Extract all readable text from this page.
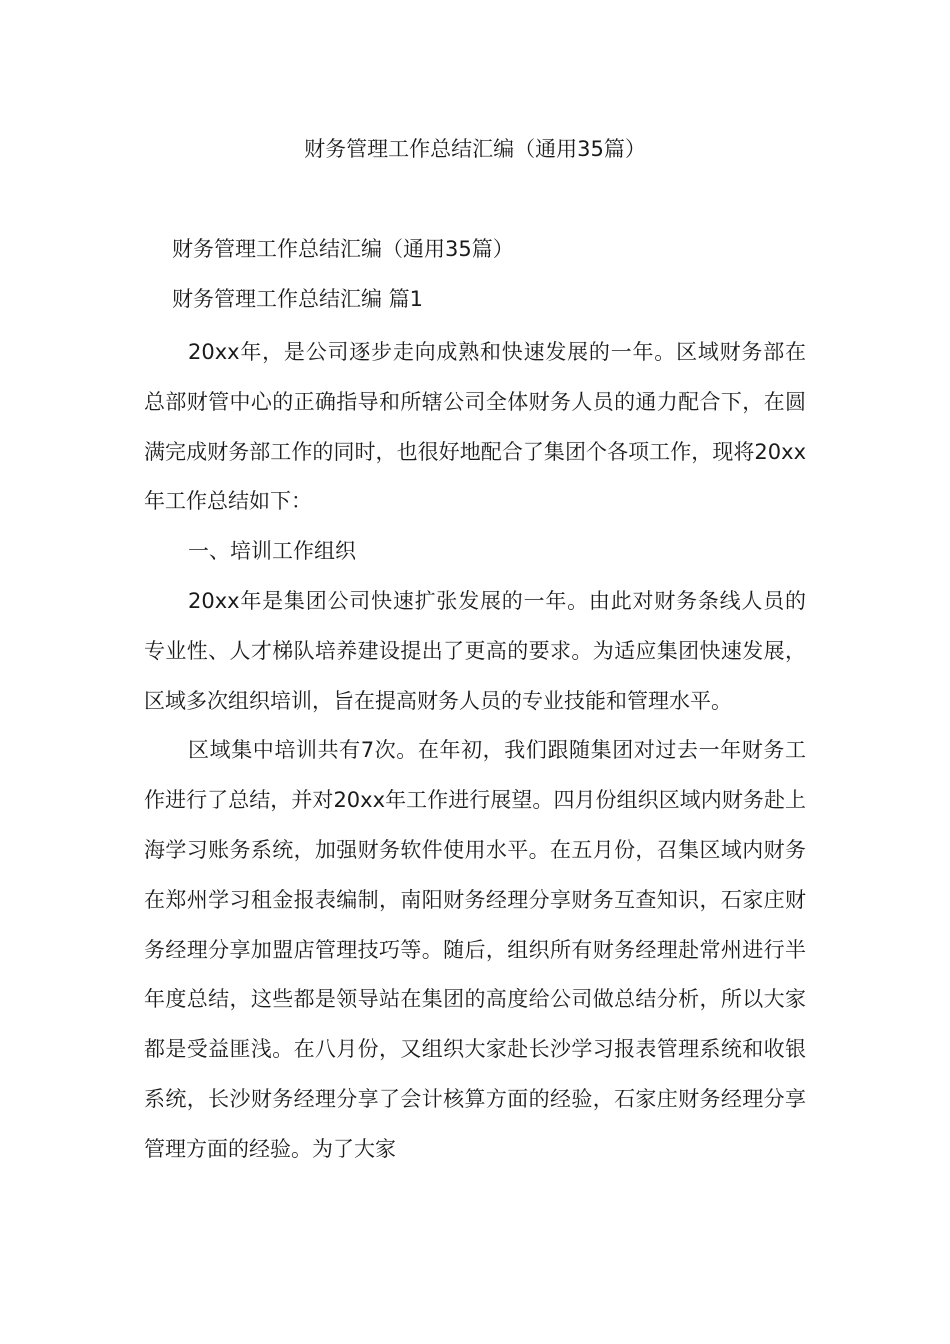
财务管理工作总结汇编（通用35篇）
财务管理工作总结汇编（通用35篇）
财务管理工作总结汇编 篇1

20xx年，是公司逐步走向成熟和快速发展的一年。区域财务部在总部财管中心的正确指导和所辖公司全体财务人员的通力配合下，在圆满完成财务部工作的同时，也很好地配合了集团个各项工作，现将20xx年工作总结如下：

一、培训工作组织

20xx年是集团公司快速扩张发展的一年。由此对财务条线人员的专业性、人才梯队培养建设提出了更高的要求。为适应集团快速发展，区域多次组织培训，旨在提高财务人员的专业技能和管理水平。

区域集中培训共有7次。在年初，我们跟随集团对过去一年财务工作进行了总结，并对20xx年工作进行展望。四月份组织区域内财务赴上海学习账务系统，加强财务软件使用水平。在五月份，召集区域内财务在郑州学习租金报表编制，南阳财务经理分享财务互查知识，石家庄财务经理分享加盟店管理技巧等。随后，组织所有财务经理赴常州进行半年度总结，这些都是领导站在集团的高度给公司做总结分析，所以大家都是受益匪浅。在八月份，又组织大家赴长沙学习报表管理系统和收银系统，长沙财务经理分享了会计核算方面的经验，石家庄财务经理分享管理方面的经验。为了大家
